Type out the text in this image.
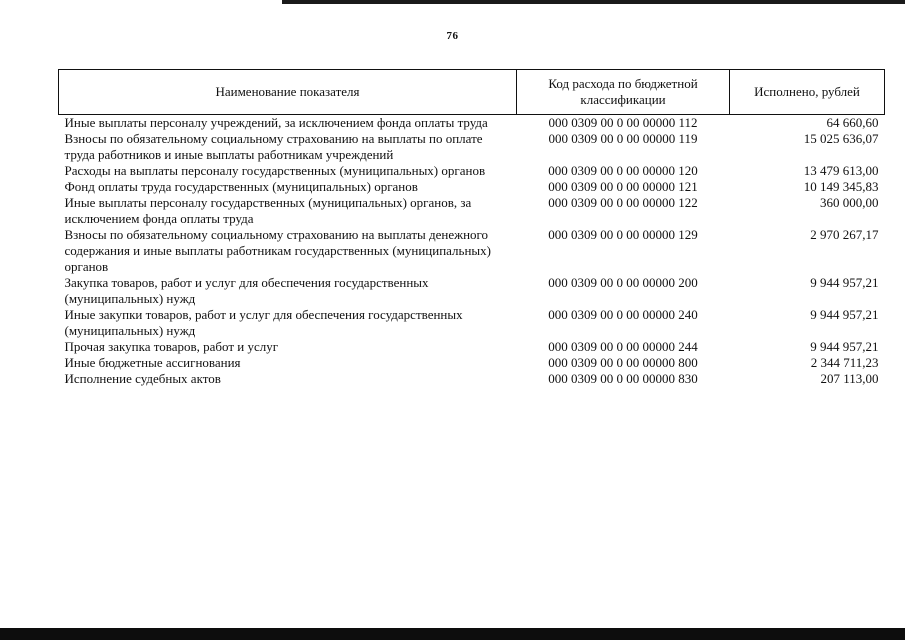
76
Наименование показателя	Код расхода по бюджетной классификации	Исполнено, рублей
Иные выплаты персоналу учреждений, за исключением фонда оплаты труда	000 0309 00 0 00 00000 112	64 660,60
Взносы по обязательному социальному страхованию на выплаты по оплате труда работников и иные выплаты работникам учреждений	000 0309 00 0 00 00000 119	15 025 636,07
Расходы на выплаты персоналу государственных (муниципальных) органов	000 0309 00 0 00 00000 120	13 479 613,00
Фонд оплаты труда государственных (муниципальных) органов	000 0309 00 0 00 00000 121	10 149 345,83
Иные выплаты персоналу государственных (муниципальных) органов, за исключением фонда оплаты труда	000 0309 00 0 00 00000 122	360 000,00
Взносы по обязательному социальному страхованию на выплаты денежного содержания и иные выплаты работникам государственных (муниципальных) органов	000 0309 00 0 00 00000 129	2 970 267,17
Закупка товаров, работ и услуг для обеспечения государственных (муниципальных) нужд	000 0309 00 0 00 00000 200	9 944 957,21
Иные закупки товаров, работ и услуг для обеспечения государственных (муниципальных) нужд	000 0309 00 0 00 00000 240	9 944 957,21
Прочая закупка товаров, работ и услуг	000 0309 00 0 00 00000 244	9 944 957,21
Иные бюджетные ассигнования	000 0309 00 0 00 00000 800	2 344 711,23
Исполнение судебных актов	000 0309 00 0 00 00000 830	207 113,00
